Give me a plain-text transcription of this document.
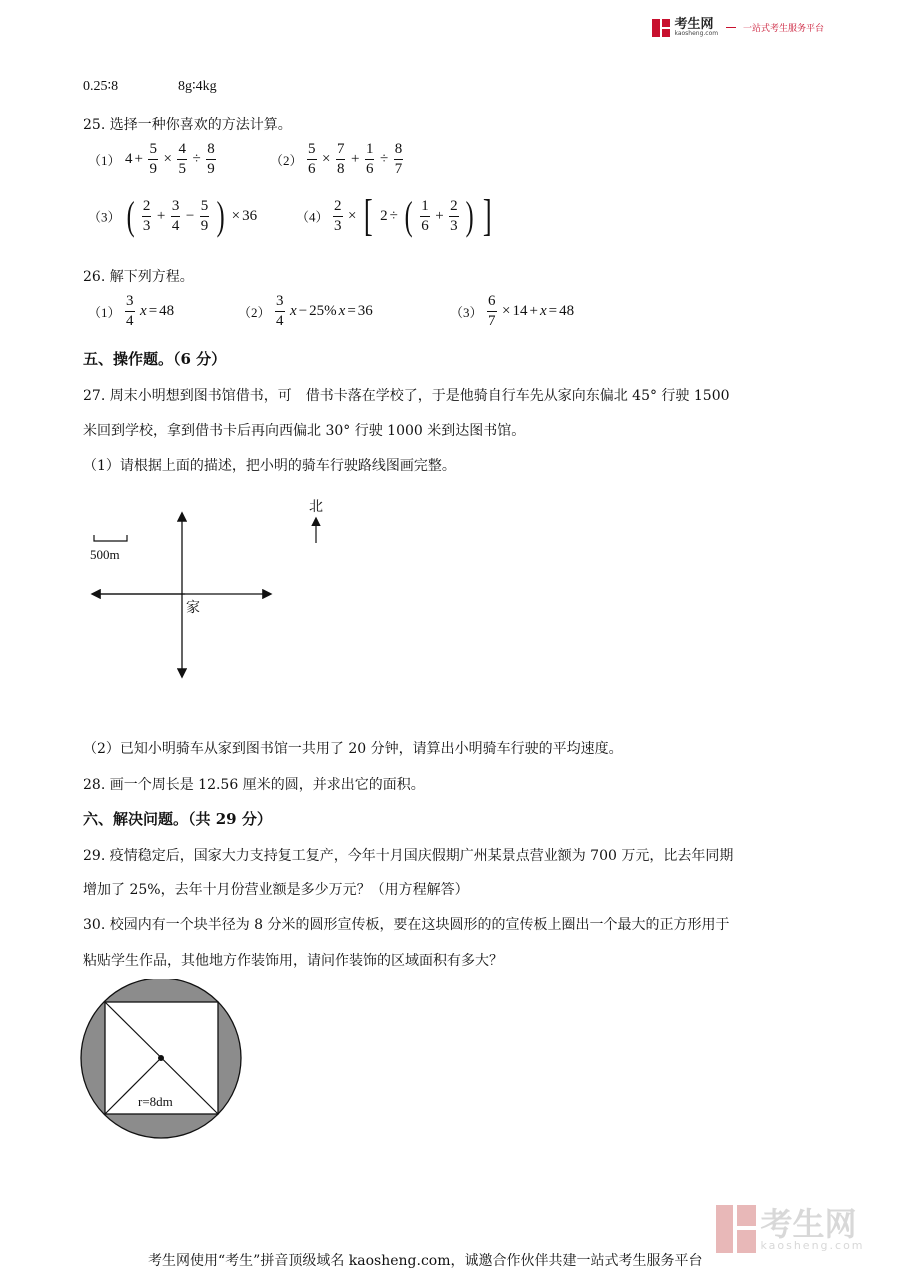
考生网
kaosheng.com	一站式考生服务平台
0.25∶8	8g∶4kg
25. 选择一种你喜欢的方法计算。
（1） $4 + \frac{5}{9} \times \frac{4}{5} \div \frac{8}{9}$	$(2) \frac{5}{6} \times \frac{7}{8} + \frac{1}{6} \div \frac{8}{7}$
（3） ( $\frac{2}{3} + \frac{3}{4} - \frac{5}{9}$ ) × 36	$(4) \frac{2}{3}$ × [ 2 ÷ ( $\frac{1}{6} + \frac{2}{3}$ ) ]
26. 解下列方程。
$(1) \frac{3}{4}$ x = 48	$(2) \frac{3}{4}$ x − 25% x = 36	$(3) \frac{6}{7} \times 14 + x = 48$
五、操作题。（6 分）
27. 周末小明想到图书馆借书，可　借书卡落在学校了，于是他骑自行车先从家向东偏北 45° 行驶 1500
米回到学校，拿到借书卡后再向西偏北 30° 行驶 1000 米到达图书馆。
（1）请根据上面的描述，把小明的骑车行驶路线图画完整。
北
500m
家
（2）已知小明骑车从家到图书馆一共用了 20 分钟，请算出小明骑车行驶的平均速度。
28. 画一个周长是 12.56 厘米的圆，并求出它的面积。
六、解决问题。（共 29 分）
29. 疫情稳定后，国家大力支持复工复产，今年十月国庆假期广州某景点营业额为 700 万元，比去年同期
增加了 25%，去年十月份营业额是多少万元？（用方程解答）
30. 校园内有一个块半径为 8 分米的圆形宣传板，要在这块圆形的的宣传板上圈出一个最大的正方形用于
粘贴学生作品，其他地方作装饰用，请问作装饰的区域面积有多大？
r=8dm

考生网
kaosheng.com
考生网使用“考生”拼音顶级域名 kaosheng.com，诚邀合作伙伴共建一站式考生服务平台
